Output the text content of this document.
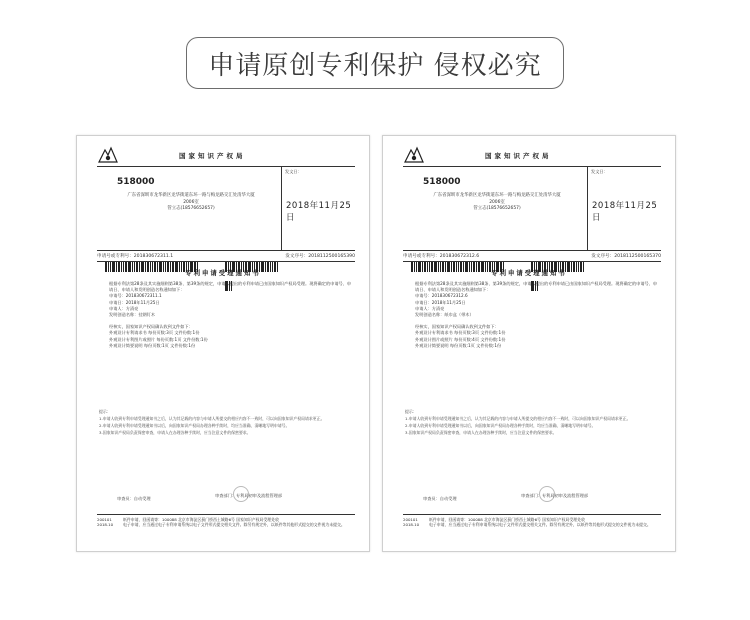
申请原创专利保护 侵权必究
国家知识产权局
518000
广东省深圳市龙华新区龙华街道东环一路与梅龙路交汇处清华大厦
2006室
管立志(18576652657)
发文日：
2018年11月25日
申请号或专利号：201830672311.1	发文序号：2018112500165390
专利申请受理通知书
根据专利法第28条及其实施细则第38条、第39条的规定，申请人提出的专利申请已由国家知识产权局受理。现将确定的申请号、申请日、申请人和发明创造名称通知如下：
申请号：201830672311.1
申请日：2018年11月25日
申请人：方清亮
发明创造名称：挂钢钉木
经核实，国家知识产权局确认收到文件如下：
外观设计专利请求书 每份页数:3页 文件份数:1份
外观设计专利图片或照片 每份页数:1页 文件份数:1份
外观设计简要说明 每份页数:1页 文件份数:1份
提示：
1.申请人收到专利申请受理通知书之后，认为其记载的内容与申请人所提交的相应内容不一致时，可以向国家知识产权局请求更正。
2.申请人收到专利申请受理通知书以后，向国家知识产权局办理各种手续时，均应当准确、清晰地写明申请号。
3.国家知识产权局负责保密审查，申请人在办理各种手续时，应当注意文件的保密要求。
审查员：自动受理
审查部门：专利局初审及流程管理部
200101
2018.10
纸件申请，回函请寄：100088 北京市海淀区蓟门桥西土城路6号 国家知识产权局受理处收
电子申请，应当通过电子专利申请系统以电子文件形式提交相关文件。除另有规定外，以纸件等其他形式提交的文件视为未提交。
国家知识产权局
518000
广东省深圳市龙华新区龙华街道东环一路与梅龙路交汇处清华大厦
2006室
管立志(18576652657)
发文日：
2018年11月25日
申请号或专利号：201830672312.6	发文序号：2018112500165370
专利申请受理通知书
根据专利法第28条及其实施细则第38条、第39条的规定，申请人提出的专利申请已由国家知识产权局受理。现将确定的申请号、申请日、申请人和发明创造名称通知如下：
申请号：201830672312.6
申请日：2018年11月25日
申请人：方清亮
发明创造名称：纸巾盒（带木）
经核实，国家知识产权局确认收到文件如下：
外观设计专利请求书 每份页数:3页 文件份数:1份
外观设计图片或照片 每份页数:4页 文件份数:1份
外观设计简要说明 每份页数:1页 文件份数:1份
提示：
1.申请人收到专利申请受理通知书之后，认为其记载的内容与申请人所提交的相应内容不一致时，可以向国家知识产权局请求更正。
2.申请人收到专利申请受理通知书以后，向国家知识产权局办理各种手续时，均应当准确、清晰地写明申请号。
3.国家知识产权局负责保密审查，申请人在办理各种手续时，应当注意文件的保密要求。
审查员：自动受理
审查部门：专利局初审及流程管理部
200101
2018.10
纸件申请，回函请寄：100088 北京市海淀区蓟门桥西土城路6号 国家知识产权局受理处收
电子申请，应当通过电子专利申请系统以电子文件形式提交相关文件。除另有规定外，以纸件等其他形式提交的文件视为未提交。
